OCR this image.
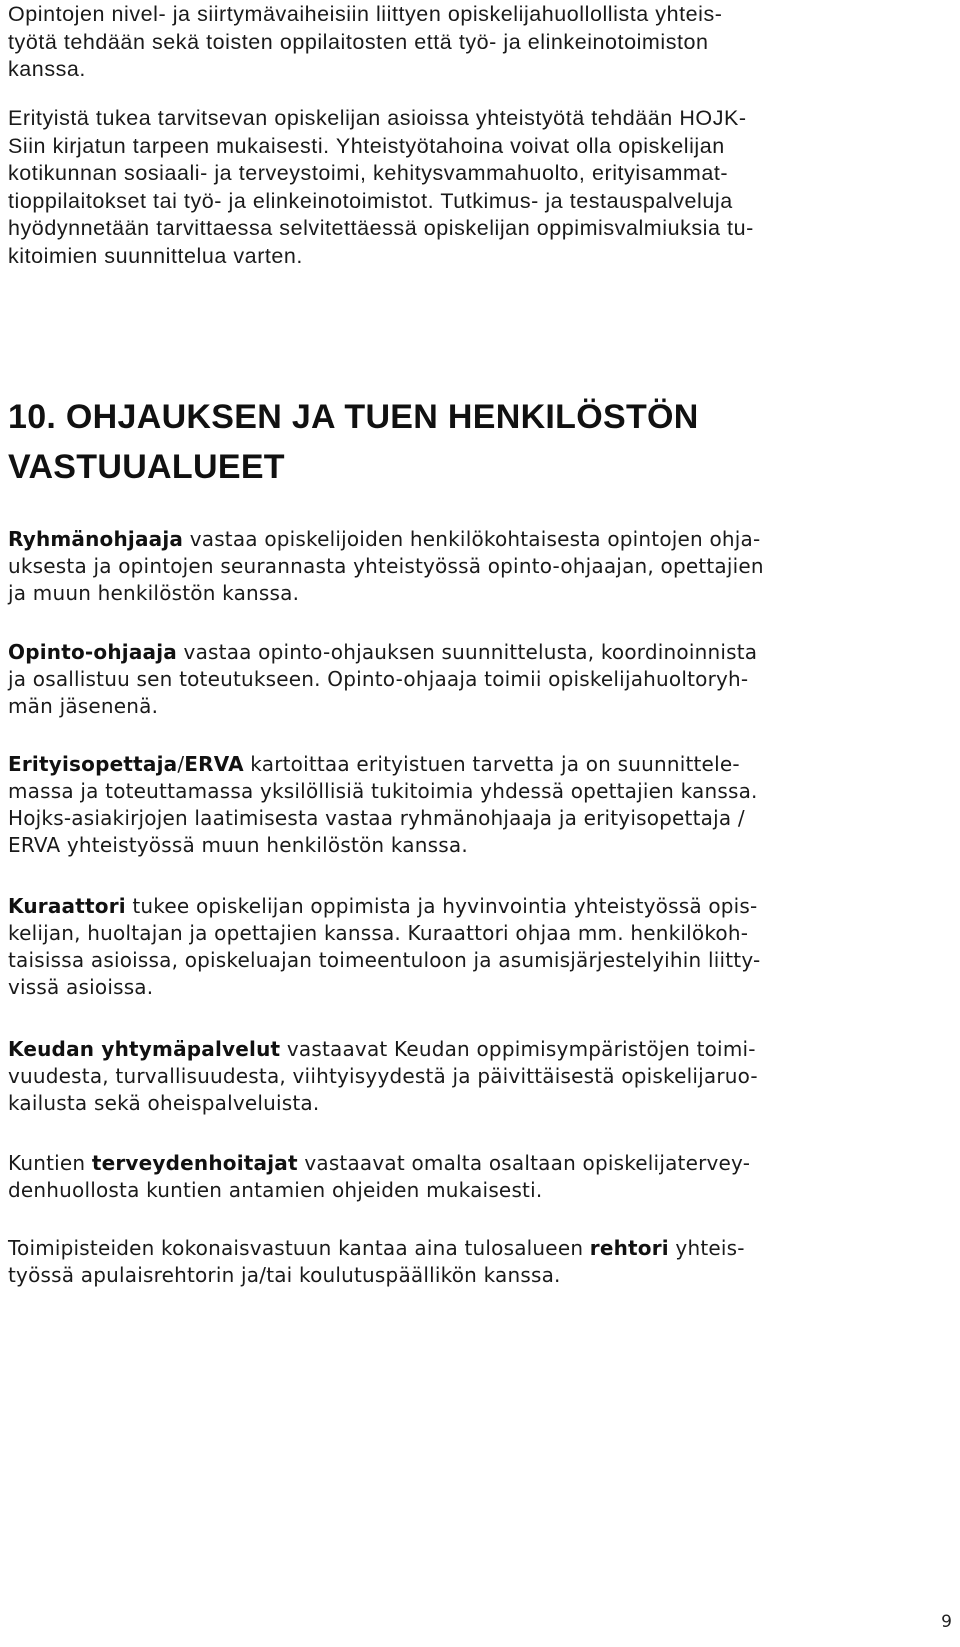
Opintojen nivel- ja siirtymävaiheisiin liittyen opiskelijahuollollista yhteis-
työtä tehdään sekä toisten oppilaitosten että työ- ja elinkeinotoimiston
kanssa.

Erityistä tukea tarvitsevan opiskelijan asioissa yhteistyötä tehdään HOJK-
Siin kirjatun tarpeen mukaisesti. Yhteistyötahoina voivat olla opiskelijan
kotikunnan sosiaali- ja terveystoimi, kehitysvammahuolto, erityisammat-
tioppilaitokset tai työ- ja elinkeinotoimistot. Tutkimus- ja testauspalveluja
hyödynnetään tarvittaessa selvitettäessä opiskelijan oppimisvalmiuksia tu-
kitoimien suunnittelua varten.

10. OHJAUKSEN JA TUEN HENKILÖSTÖN
VASTUUALUEET

Ryhmänohjaaja vastaa opiskelijoiden henkilökohtaisesta opintojen ohja-
uksesta ja opintojen seurannasta yhteistyössä opinto-ohjaajan, opettajien
ja muun henkilöstön kanssa.

Opinto-ohjaaja vastaa opinto-ohjauksen suunnittelusta, koordinoinnista
ja osallistuu sen toteutukseen. Opinto-ohjaaja toimii opiskelijahuoltoryh-
män jäsenenä.

Erityisopettaja/ERVA kartoittaa erityistuen tarvetta ja on suunnittele-
massa ja toteuttamassa yksilöllisiä tukitoimia yhdessä opettajien kanssa.
Hojks-asiakirjojen laatimisesta vastaa ryhmänohjaaja ja erityisopettaja /
ERVA yhteistyössä muun henkilöstön kanssa.

Kuraattori tukee opiskelijan oppimista ja hyvinvointia yhteistyössä opis-
kelijan, huoltajan ja opettajien kanssa. Kuraattori ohjaa mm. henkilökoh-
taisissa asioissa, opiskeluajan toimeentuloon ja asumisjärjestelyihin liitty-
vissä asioissa.

Keudan yhtymäpalvelut vastaavat Keudan oppimisympäristöjen toimi-
vuudesta, turvallisuudesta, viihtyisyydestä ja päivittäisestä opiskelijaruo-
kailusta sekä oheispalveluista.

Kuntien terveydenhoitajat vastaavat omalta osaltaan opiskelijatervey-
denhuollosta kuntien antamien ohjeiden mukaisesti.

Toimipisteiden kokonaisvastuun kantaa aina tulosalueen rehtori yhteis-
työssä apulaisrehtorin ja/tai koulutuspäällikön kanssa.

9
